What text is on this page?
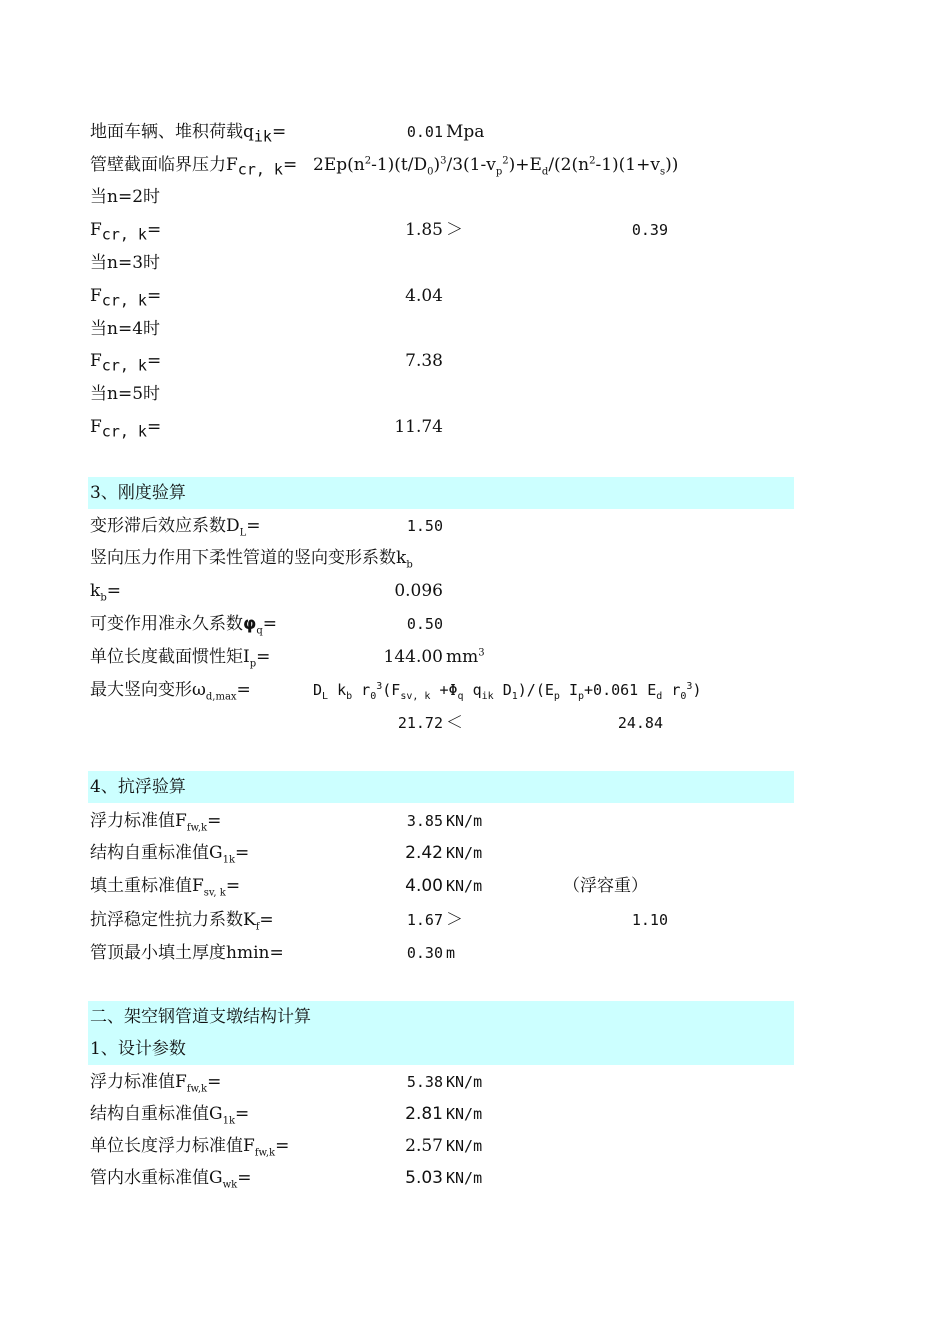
地面车辆、堆积荷载$q_{ik}=$	0.01 Mpa
管壁截面临界压力$F_{cr, k}= 2Ep(n^2-1)(t/D_0)^3/3(1-v_p^2)+E_d/(2(n^2-1)(1+v_s))$
当n=2时
$F_{cr, k}=$	1.85 ＞	0.39
当n=3时
$F_{cr, k}=$	4.04
当n=4时
$F_{cr, k}=$	7.38
当n=5时
$F_{cr, k}=$	11.74
3、刚度验算
变形滞后效应系数$D_L=$	1.50
竖向压力作用下柔性管道的竖向变形系数$k_b$
$k_b=$	0.096
可变作用准永久系数$\varphi_q=$	0.50
单位长度截面惯性矩$I_p=$	144.00 $mm^3$
最大竖向变形$\omega_{d,max}=$	$D_L$ $k_b$ $r_0^3(F_{sv, k} +\Phi_q$ $q_{ik}$ $D_1)/(E_p$ $I_p+0.061$ $E_d$ $r_0^3$)
21.72 ＜	24.84
4、抗浮验算
浮力标准值$F_{fw,k}=$	3.85 KN/m
结构自重标准值$G_{1k}=$	2.42 KN/m
填土重标准值$F_{sv, k}=$	4.00 KN/m	（浮容重）
抗浮稳定性抗力系数$K_f=$	1.67 ＞	1.10
管顶最小填土厚度hmin=	0.30 m
二、架空钢管道支墩结构计算
1、设计参数
浮力标准值$F_{fw,k}=$	5.38 KN/m
结构自重标准值$G_{1k}=$	2.81 KN/m
单位长度浮力标准值$F_{fw,k}=$	2.57 KN/m
管内水重标准值$G_{wk}=$	5.03 KN/m
